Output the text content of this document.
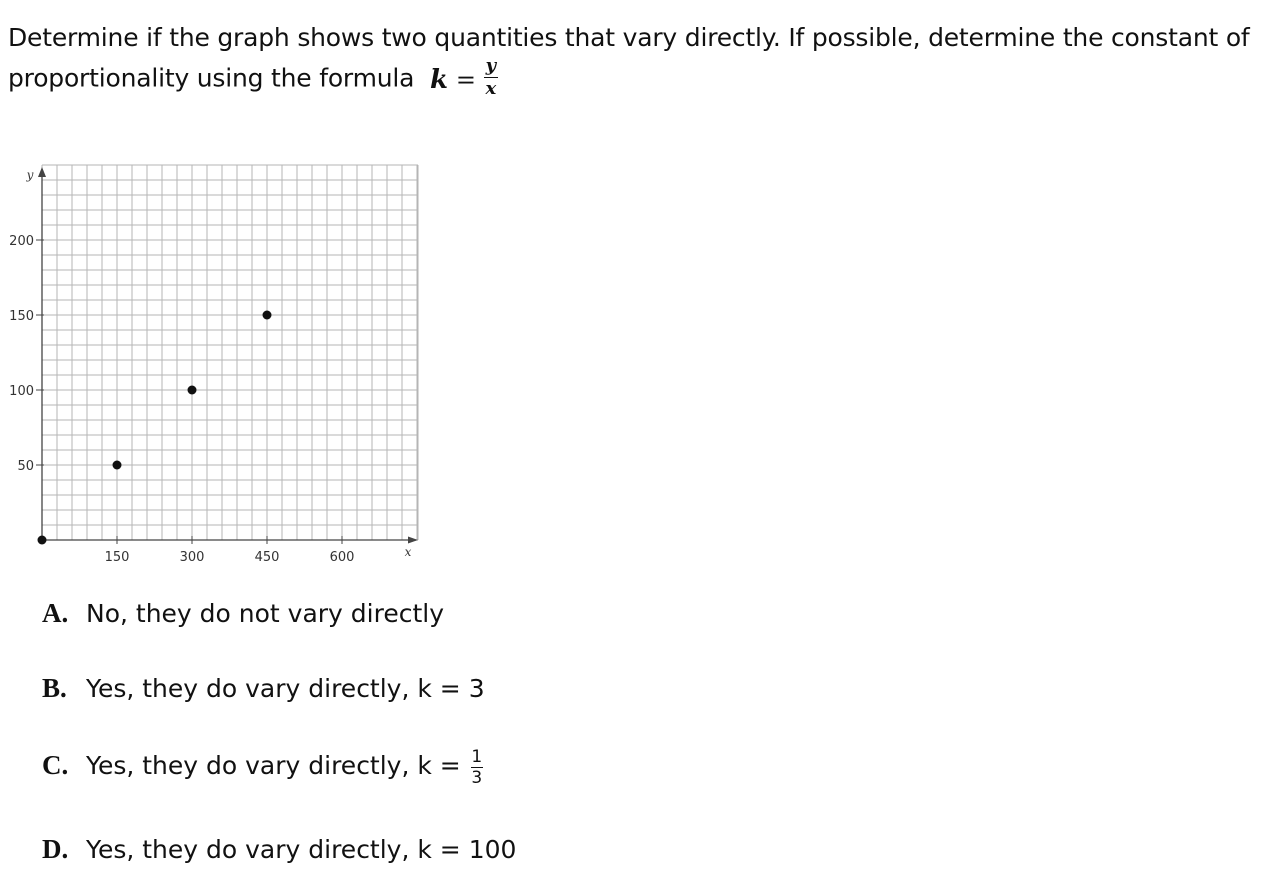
Determine if the graph shows two quantities that vary directly. If possible, determine the constant of proportionality using the formula $k = \frac{y}{x}$
150	300	450	600
50
100
150
200
x
y
A. No, they do not vary directly
B. Yes, they do vary directly, k = 3
C. Yes, they do vary directly, k = 1
3
D. Yes, they do vary directly, k = 100
